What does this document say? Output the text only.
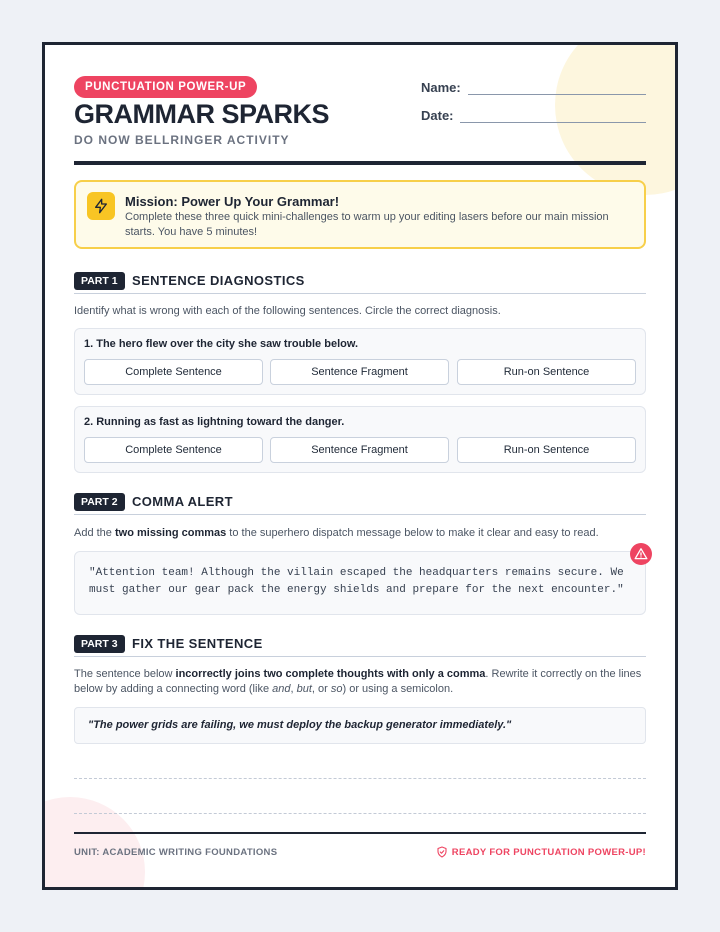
PUNCTUATION POWER-UP
GRAMMAR SPARKS
DO NOW BELLRINGER ACTIVITY
Name:
Date:
Mission: Power Up Your Grammar!
Complete these three quick mini-challenges to warm up your editing lasers before our main mission starts. You have 5 minutes!
PART 1	SENTENCE DIAGNOSTICS
Identify what is wrong with each of the following sentences. Circle the correct diagnosis.
1. The hero flew over the city she saw trouble below.
Complete Sentence	Sentence Fragment	Run-on Sentence
2. Running as fast as lightning toward the danger.
Complete Sentence	Sentence Fragment	Run-on Sentence
PART 2	COMMA ALERT
Add the two missing commas to the superhero dispatch message below to make it clear and easy to read.
"Attention team! Although the villain escaped the headquarters remains secure. We must gather our gear pack the energy shields and prepare for the next encounter."
PART 3	FIX THE SENTENCE
The sentence below incorrectly joins two complete thoughts with only a comma. Rewrite it correctly on the lines below by adding a connecting word (like and, but, or so) or using a semicolon.
"The power grids are failing, we must deploy the backup generator immediately."
UNIT: ACADEMIC WRITING FOUNDATIONS	READY FOR PUNCTUATION POWER-UP!
